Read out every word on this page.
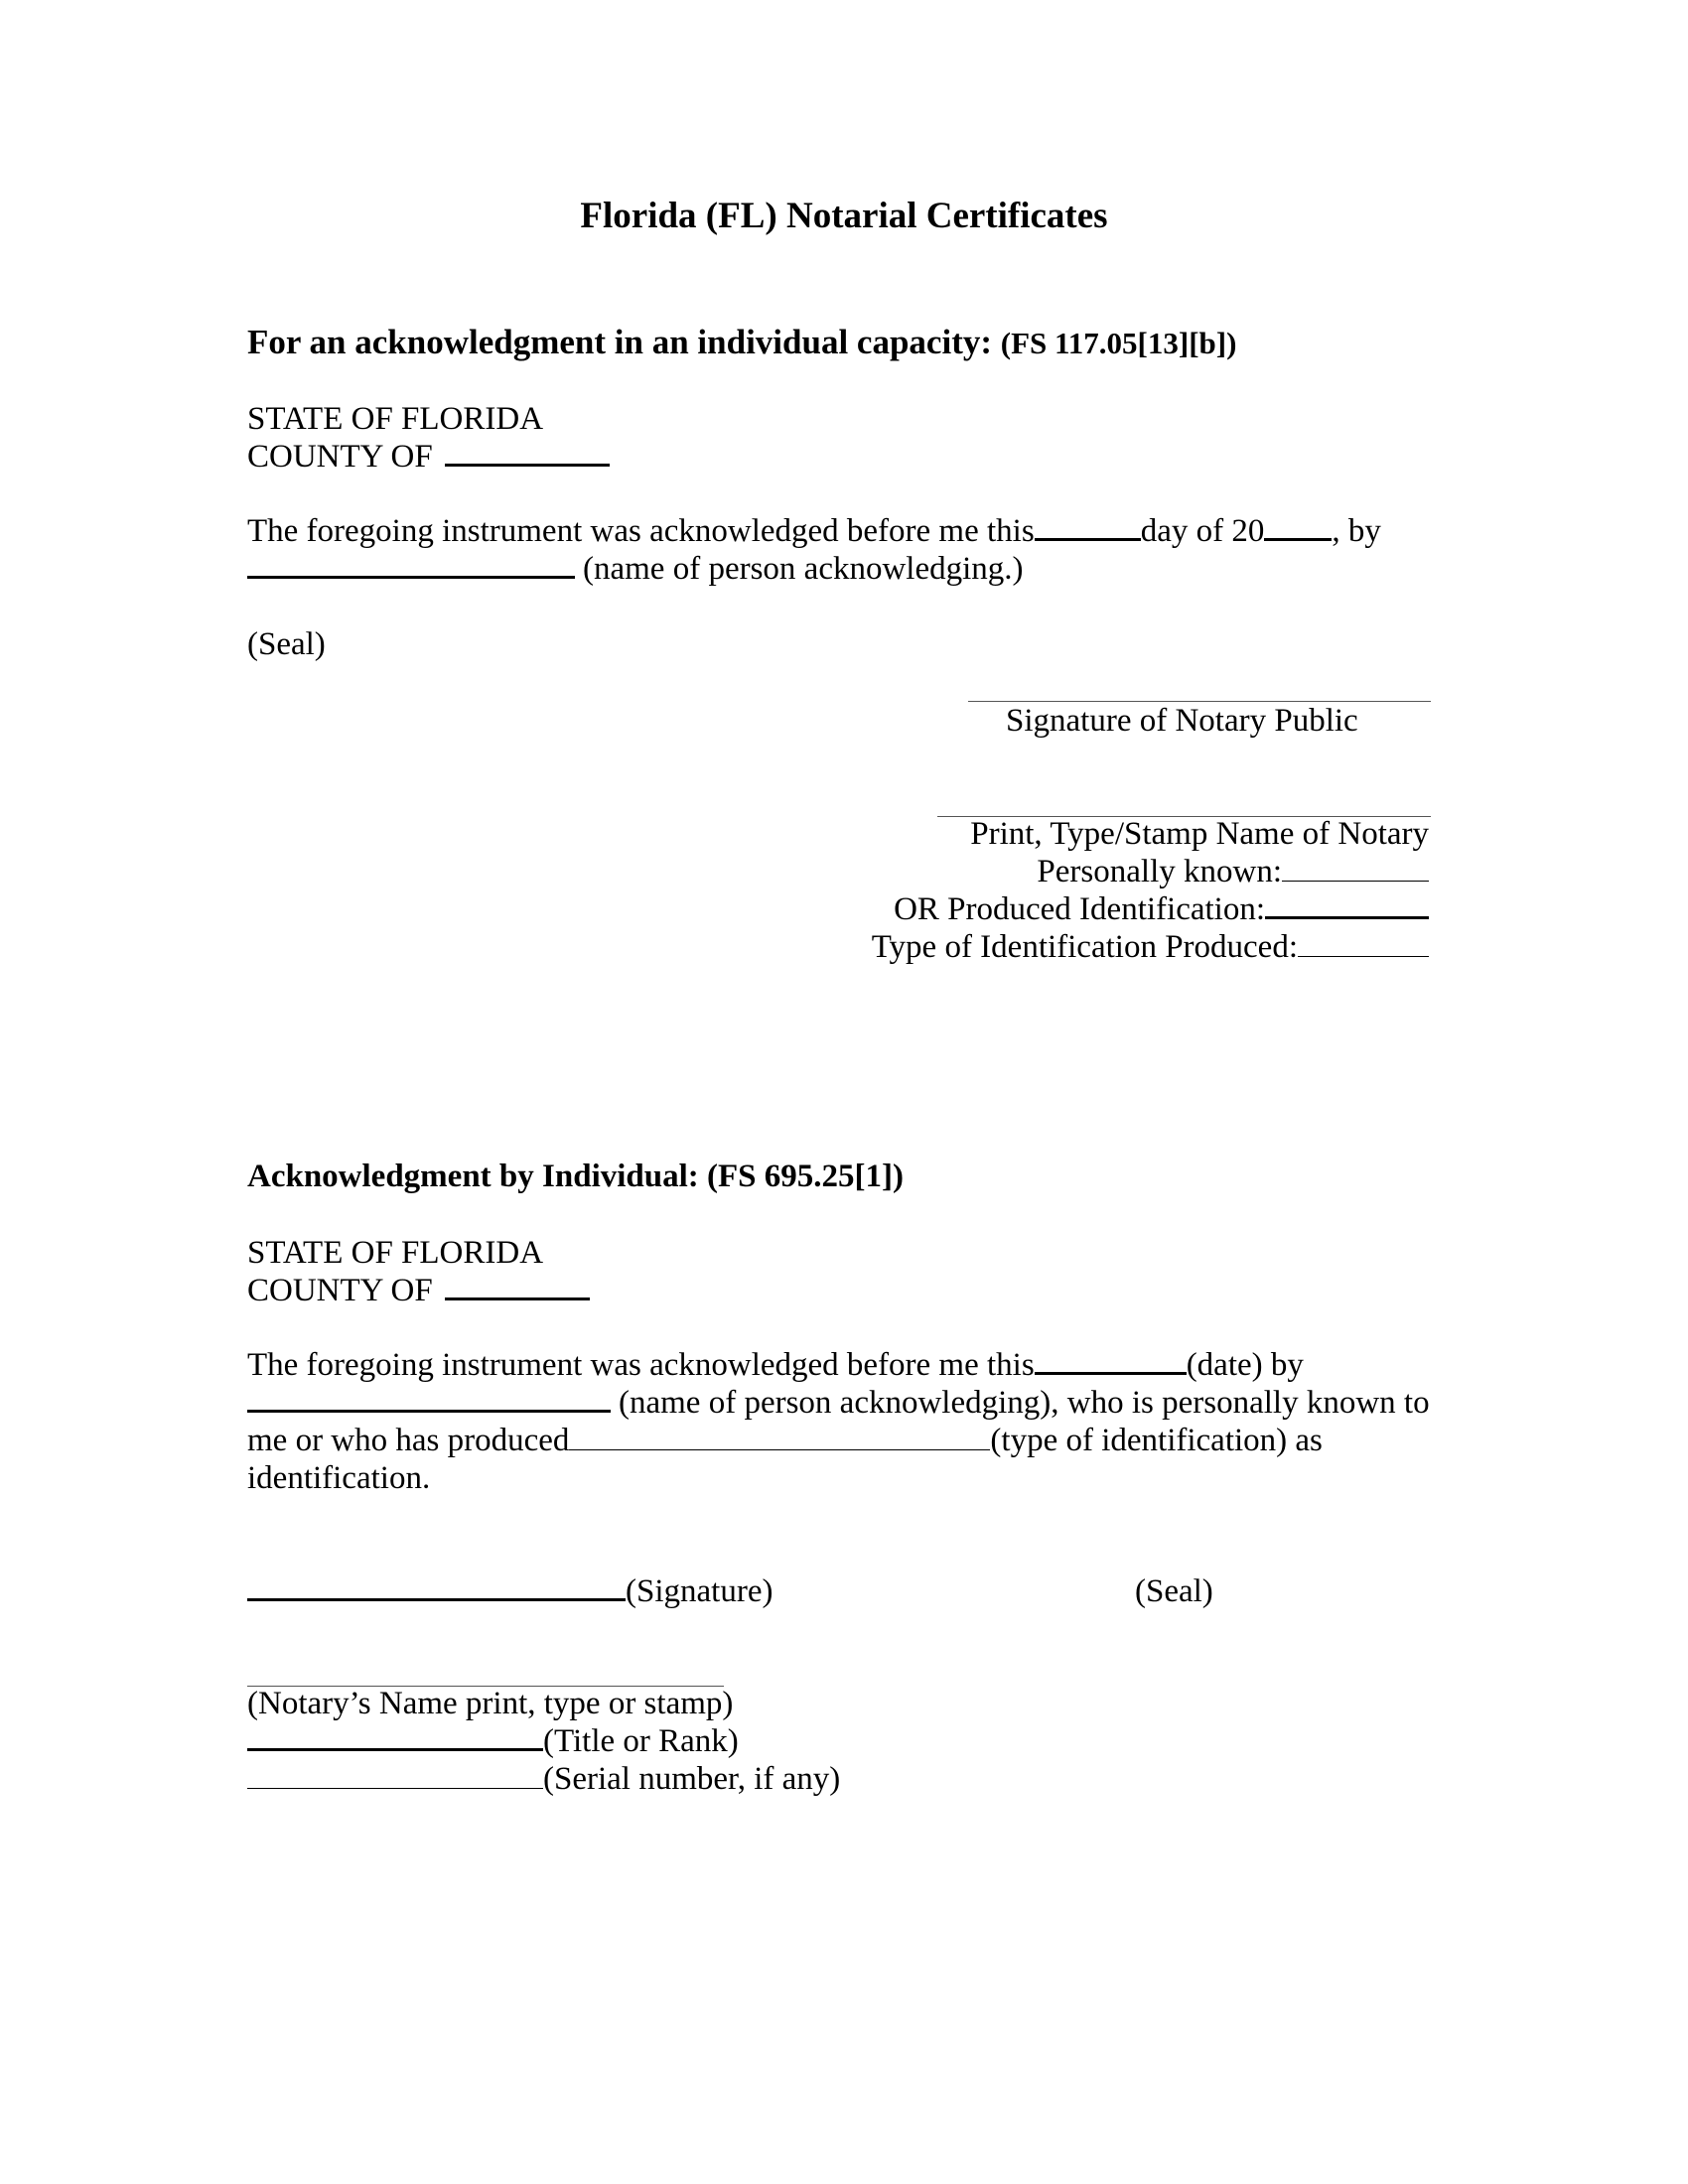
Florida (FL) Notarial Certificates
For an acknowledgment in an individual capacity: (FS 117.05[13][b])
STATE OF FLORIDA
COUNTY OF
The foregoing instrument was acknowledged before me this	day of 20 , by
(name of person acknowledging.)
(Seal)
Signature of Notary Public
Print, Type/Stamp Name of Notary
Personally known:
OR Produced Identification:
Type of Identification Produced:
Acknowledgment by Individual: (FS 695.25[1])
STATE OF FLORIDA
COUNTY OF
The foregoing instrument was acknowledged before me this	(date) by
(name of person acknowledging), who is personally known to
me or who has produced	(type of identification) as
identification.
(Signature)	(Seal)
(Notary’s Name print, type or stamp)
(Title or Rank)
(Serial number, if any)
